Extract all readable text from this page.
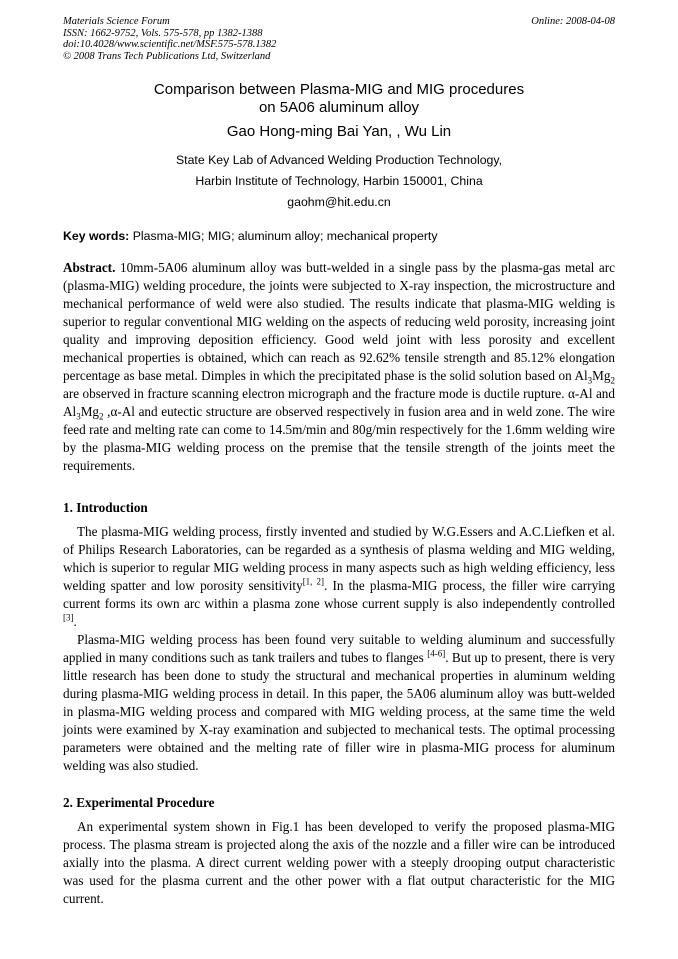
Materials Science Forum
ISSN: 1662-9752, Vols. 575-578, pp 1382-1388
doi:10.4028/www.scientific.net/MSF.575-578.1382
© 2008 Trans Tech Publications Ltd, Switzerland
Online: 2008-04-08
Comparison between Plasma-MIG and MIG procedures
on 5A06 aluminum alloy
Gao Hong-ming Bai Yan, , Wu Lin
State Key Lab of Advanced Welding Production Technology,
Harbin Institute of Technology, Harbin 150001, China
gaohm@hit.edu.cn
Key words: Plasma-MIG; MIG; aluminum alloy; mechanical property
Abstract. 10mm-5A06 aluminum alloy was butt-welded in a single pass by the plasma-gas metal arc (plasma-MIG) welding procedure, the joints were subjected to X-ray inspection, the microstructure and mechanical performance of weld were also studied. The results indicate that plasma-MIG welding is superior to regular conventional MIG welding on the aspects of reducing weld porosity, increasing joint quality and improving deposition efficiency. Good weld joint with less porosity and excellent mechanical properties is obtained, which can reach as 92.62% tensile strength and 85.12% elongation percentage as base metal. Dimples in which the precipitated phase is the solid solution based on $Al_3Mg_2$ are observed in fracture scanning electron micrograph and the fracture mode is ductile rupture. α-Al and $Al_3Mg_2$ ,α-Al and eutectic structure are observed respectively in fusion area and in weld zone. The wire feed rate and melting rate can come to 14.5m/min and 80g/min respectively for the 1.6mm welding wire by the plasma-MIG welding process on the premise that the tensile strength of the joints meet the requirements.
1. Introduction
The plasma-MIG welding process, firstly invented and studied by W.G.Essers and A.C.Liefken et al. of Philips Research Laboratories, can be regarded as a synthesis of plasma welding and MIG welding, which is superior to regular MIG welding process in many aspects such as high welding efficiency, less welding spatter and low porosity sensitivity[1, 2]. In the plasma-MIG process, the filler wire carrying current forms its own arc within a plasma zone whose current supply is also independently controlled [3].
Plasma-MIG welding process has been found very suitable to welding aluminum and successfully applied in many conditions such as tank trailers and tubes to flanges [4-6]. But up to present, there is very little research has been done to study the structural and mechanical properties in aluminum welding during plasma-MIG welding process in detail. In this paper, the 5A06 aluminum alloy was butt-welded in plasma-MIG welding process and compared with MIG welding process, at the same time the weld joints were examined by X-ray examination and subjected to mechanical tests. The optimal processing parameters were obtained and the melting rate of filler wire in plasma-MIG process for aluminum welding was also studied.
2. Experimental Procedure
An experimental system shown in Fig.1 has been developed to verify the proposed plasma-MIG process. The plasma stream is projected along the axis of the nozzle and a filler wire can be introduced axially into the plasma. A direct current welding power with a steeply drooping output characteristic was used for the plasma current and the other power with a flat output characteristic for the MIG current.
